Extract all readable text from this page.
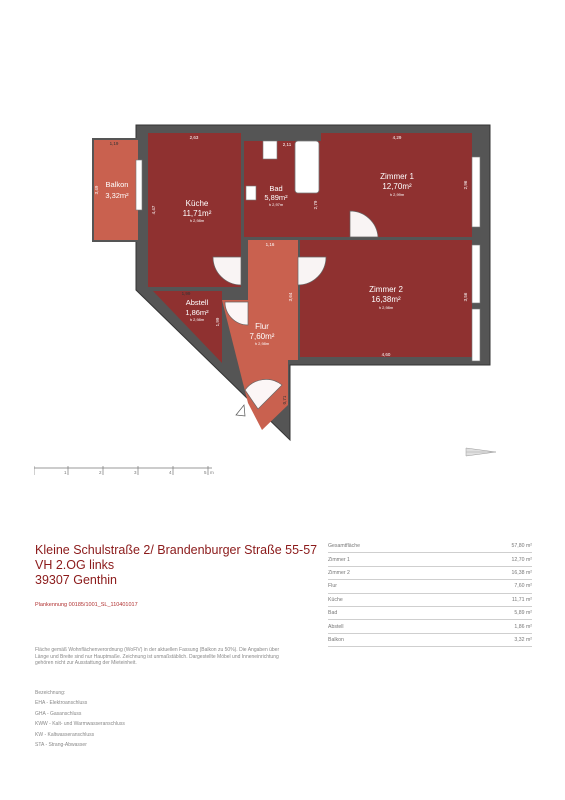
Balkon
3,32m²
Küche
11,71m²
h 2,98m
Bad
5,89m²
h 2,97m
Zimmer 1
12,70m²
h 2,99m
Zimmer 2
16,38m²
h 2,98m
Abstell
1,86m²
h 2,98m
Flur
7,60m²
h 2,98m
1,19
2,63
2,11
4,29
1,16
4,60
1,99
3,49
4,47
2,79
2,96
3,64	3,56
1,99
0,71
1	2	3	4	5 m
Kleine Schulstraße 2/ Brandenburger Straße 55-57
VH 2.OG links
39307 Genthin
Plankennung 00185/1001_SL_110401017
Fläche gemäß Wohnflächenverordnung (WoFlV) in der aktuellen Fassung (Balkon zu 50%). Die Angaben über Länge und Breite sind nur Hauptmaße. Zeichnung ist unmaßstäblich. Dargestellte Möbel und Inneneinrichtung gehören nicht zur Ausstattung der Mieteinheit.
Bezeichnung:
EHA - Elektroanschluss
GHA - Gasanschluss
KWW - Kalt- und Warmwasseranschluss
KW - Kaltwasseranschluss
STA - Strang-Abwasser
Gesamtfläche	57,80 m²
Zimmer 1	12,70 m²
Zimmer 2	16,38 m²
Flur	7,60 m²
Küche	11,71 m²
Bad	5,89 m²
Abstell	1,86 m²
Balkon	3,32 m²
